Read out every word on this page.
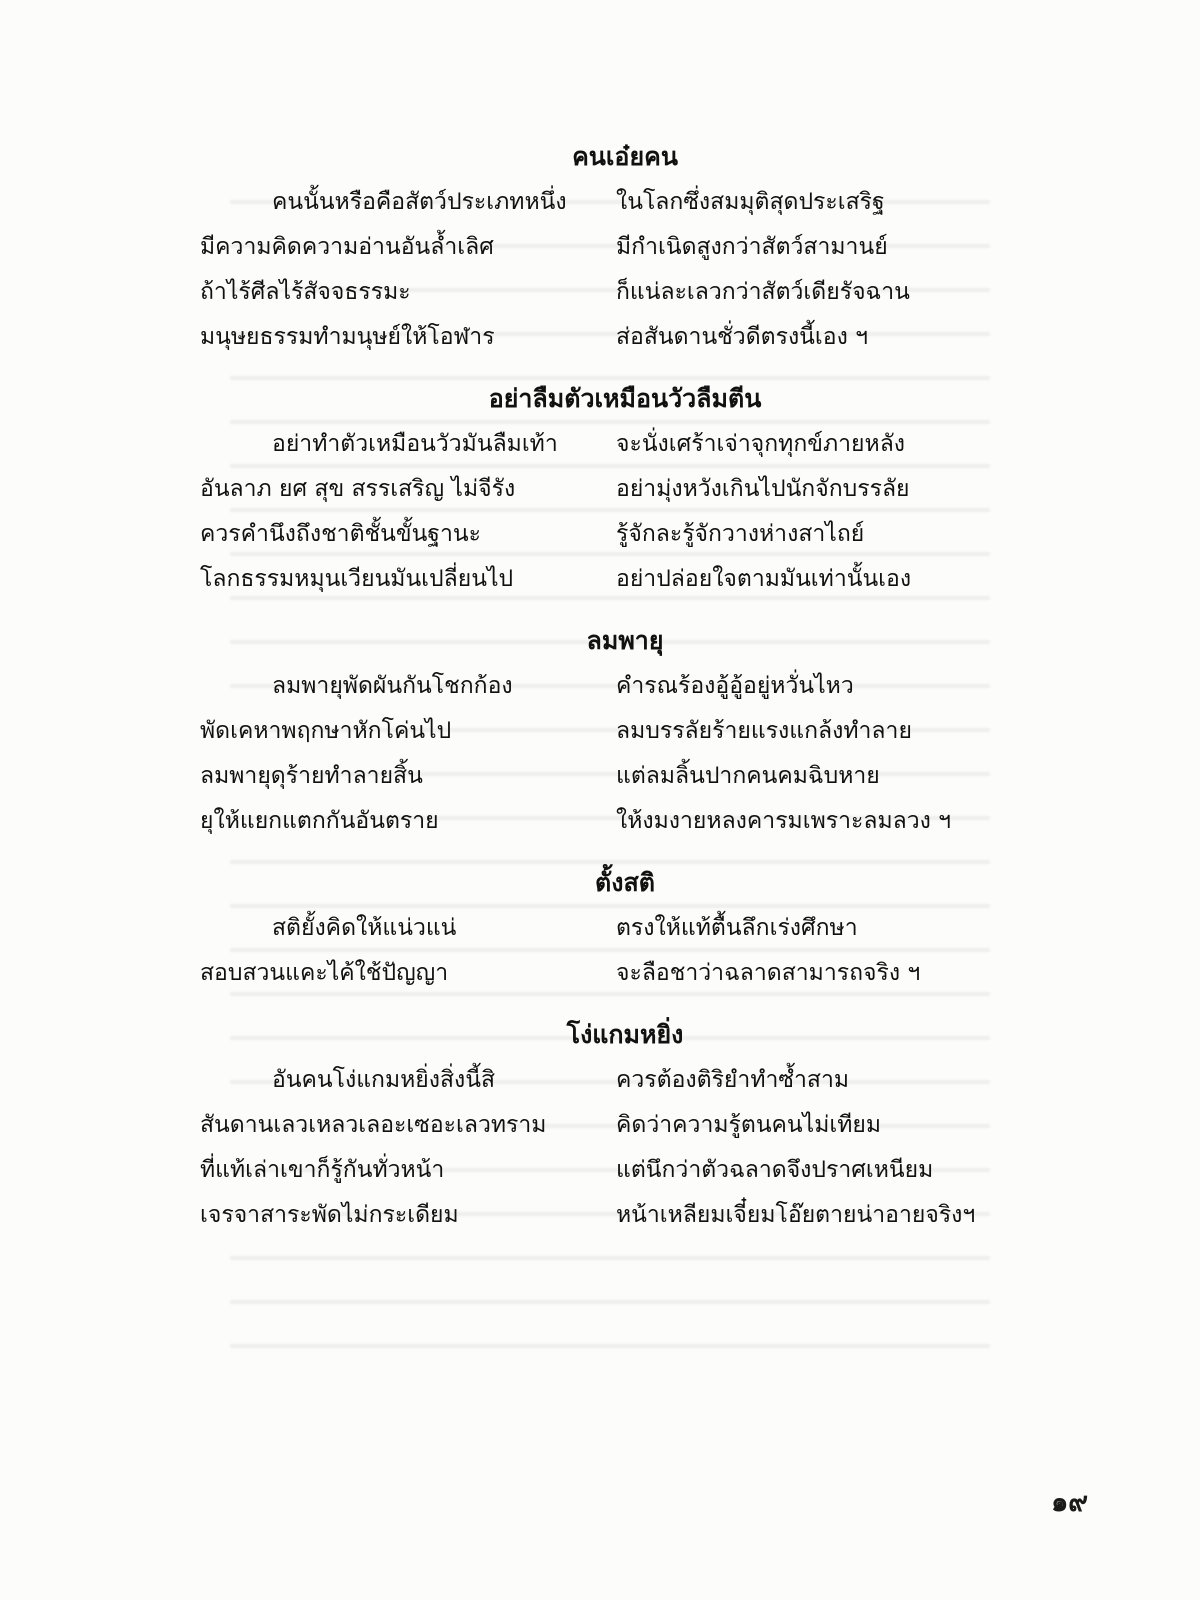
คนเอ๋ยคน
คนนั้นหรือคือสัตว์ประเภทหนึ่ง	ในโลกซึ่งสมมุติสุดประเสริฐ
มีความคิดความอ่านอันล้ำเลิศ	มีกำเนิดสูงกว่าสัตว์สามานย์
ถ้าไร้ศีลไร้สัจจธรรมะ	ก็แน่ละเลวกว่าสัตว์เดียรัจฉาน
มนุษยธรรมทำมนุษย์ให้โอฬาร	ส่อสันดานชั่วดีตรงนี้เอง ฯ
อย่าลืมตัวเหมือนวัวลืมตีน
อย่าทำตัวเหมือนวัวมันลืมเท้า	จะนั่งเศร้าเจ่าจุกทุกข์ภายหลัง
อันลาภ ยศ สุข สรรเสริญ ไม่จีรัง	อย่ามุ่งหวังเกินไปนักจักบรรลัย
ควรคำนึงถึงชาติชั้นขั้นฐานะ	รู้จักละรู้จักวางห่างสาไถย์
โลกธรรมหมุนเวียนมันเปลี่ยนไป	อย่าปล่อยใจตามมันเท่านั้นเอง
ลมพายุ
ลมพายุพัดผันกันโชกก้อง	คำรณร้องอู้อู้อยู่หวั่นไหว
พัดเคหาพฤกษาหักโค่นไป	ลมบรรลัยร้ายแรงแกล้งทำลาย
ลมพายุดุร้ายทำลายสิ้น	แต่ลมลิ้นปากคนคมฉิบหาย
ยุให้แยกแตกกันอันตราย	ให้งมงายหลงคารมเพราะลมลวง ฯ
ตั้งสติ
สติยั้งคิดให้แน่วแน่	ตรงให้แท้ตื้นลึกเร่งศึกษา
สอบสวนแคะไค้ใช้ปัญญา	จะลือชาว่าฉลาดสามารถจริง ฯ
โง่แกมหยิ่ง
อันคนโง่แกมหยิ่งสิ่งนี้สิ	ควรต้องติริยำทำซ้ำสาม
สันดานเลวเหลวเลอะเซอะเลวทราม	คิดว่าความรู้ตนคนไม่เทียม
ที่แท้เล่าเขาก็รู้กันทั่วหน้า	แต่นึกว่าตัวฉลาดจึงปราศเหนียม
เจรจาสาระพัดไม่กระเดียม	หน้าเหลียมเจี๋ยมโอ๊ยตายน่าอายจริงฯ
๑๙
